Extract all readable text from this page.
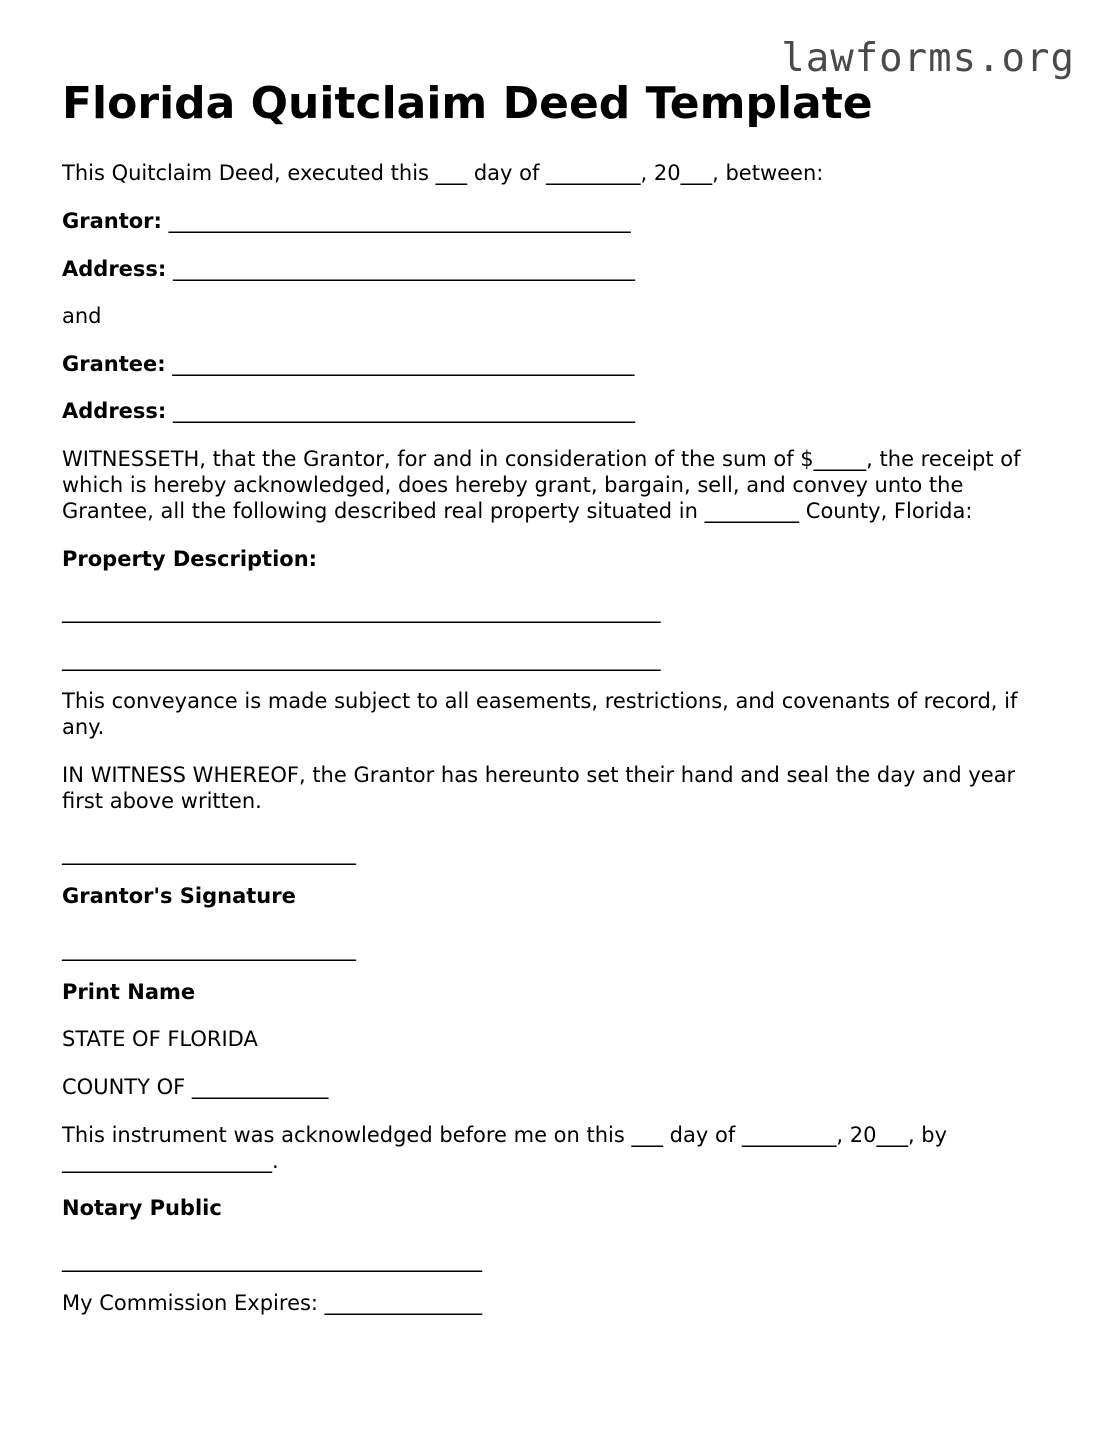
lawforms.org
Florida Quitclaim Deed Template
This Quitclaim Deed, executed this ___ day of _________, 20___, between:
Grantor: ____________________________________________
Address: ____________________________________________
and
Grantee: ____________________________________________
Address: ____________________________________________
WITNESSETH, that the Grantor, for and in consideration of the sum of $_____, the receipt of which is hereby acknowledged, does hereby grant, bargain, sell, and convey unto the Grantee, all the following described real property situated in _________ County, Florida:
Property Description:
_________________________________________________________
_________________________________________________________
This conveyance is made subject to all easements, restrictions, and covenants of record, if any.
IN WITNESS WHEREOF, the Grantor has hereunto set their hand and seal the day and year first above written.
____________________________
Grantor's Signature
____________________________
Print Name
STATE OF FLORIDA
COUNTY OF _____________
This instrument was acknowledged before me on this ___ day of _________, 20___, by ____________________.
Notary Public
________________________________________
My Commission Expires: _______________
